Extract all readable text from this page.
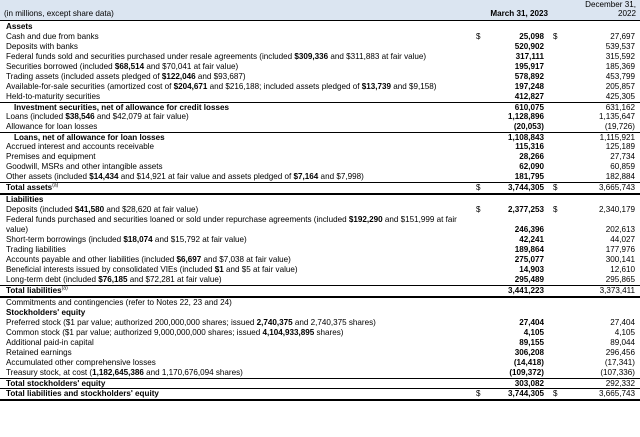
(in millions, except share data)	March 31, 2023
December 31,
2022
Assets
Cash and due from banks	$	25,098 $	27,697
Deposits with banks	520,902	539,537
Federal funds sold and securities purchased under resale agreements (included $309,336 and $311,883 at fair value)	317,111	315,592
Securities borrowed (included $68,514 and $70,041 at fair value)	195,917	185,369
Trading assets (included assets pledged of $122,046 and $93,687)	578,892	453,799
Available-for-sale securities (amortized cost of $204,671 and $216,188; included assets pledged of $13,739 and $9,158)	197,248	205,857
Held-to-maturity securities	412,827	425,305
Investment securities, net of allowance for credit losses	610,075	631,162
Loans (included $38,546 and $42,079 at fair value)	1,128,896	1,135,647
Allowance for loan losses	(20,053)	(19,726)
Loans, net of allowance for loan losses	1,108,843	1,115,921
Accrued interest and accounts receivable	115,316	125,189
Premises and equipment	28,266	27,734
Goodwill, MSRs and other intangible assets	62,090	60,859
Other assets (included $14,434 and $14,921 at fair value and assets pledged of $7,164 and $7,998)	181,795	182,884
Total assets$^{(a)}$	$	3,744,305 $	3,665,743
Liabilities
Deposits (included $41,580 and $28,620 at fair value)	$	2,377,253 $	2,340,179
Federal funds purchased and securities loaned or sold under repurchase agreements (included $192,290 and $151,999 at fair value)	246,396	202,613
Short-term borrowings (included $18,074 and $15,792 at fair value)	42,241	44,027
Trading liabilities	189,864	177,976
Accounts payable and other liabilities (included $6,697 and $7,038 at fair value)	275,077	300,141
Beneficial interests issued by consolidated VIEs (included $1 and $5 at fair value)	14,903	12,610
Long-term debt (included $76,185 and $72,281 at fair value)	295,489	295,865
Total liabilities$^{(a)}$	3,441,223	3,373,411
Commitments and contingencies (refer to Notes 22, 23 and 24)
Stockholders' equity
Preferred stock ($1 par value; authorized 200,000,000 shares; issued 2,740,375 and 2,740,375 shares)	27,404	27,404
Common stock ($1 par value; authorized 9,000,000,000 shares; issued 4,104,933,895 shares)	4,105	4,105
Additional paid-in capital	89,155	89,044
Retained earnings	306,208	296,456
Accumulated other comprehensive losses	(14,418)	(17,341)
Treasury stock, at cost (1,182,645,386 and 1,170,676,094 shares)	(109,372)	(107,336)
Total stockholders' equity	303,082	292,332
Total liabilities and stockholders' equity	$	3,744,305 $	3,665,743
